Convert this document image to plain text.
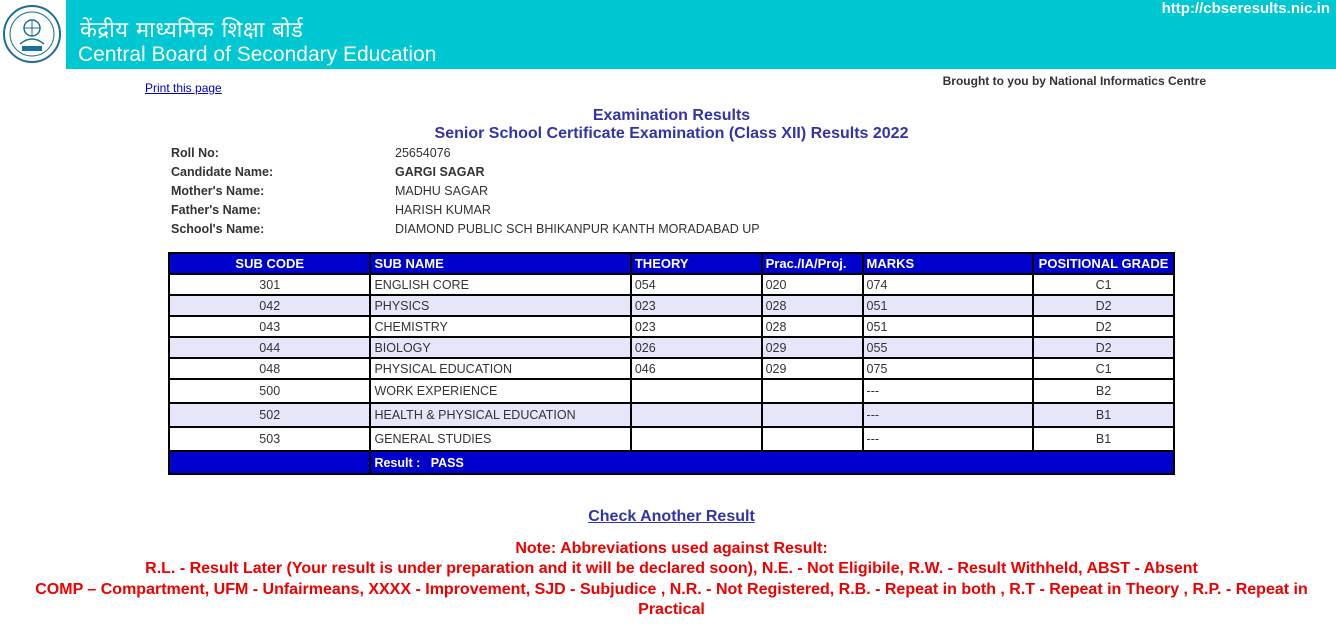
केंद्रीय माध्यमिक शिक्षा बोर्ड
Central Board of Secondary Education
http://cbseresults.nic.in
Print this page	Brought to you by National Informatics Centre
Examination Results
Senior School Certificate Examination (Class XII) Results 2022
Roll No:	25654076
Candidate Name:	GARGI SAGAR
Mother's Name:	MADHU SAGAR
Father's Name:	HARISH KUMAR
School's Name:	DIAMOND PUBLIC SCH BHIKANPUR KANTH MORADABAD UP
SUB CODE	SUB NAME	THEORY	Prac./IA/Proj.	MARKS	POSITIONAL GRADE
301	ENGLISH CORE	054	020	074	C1
042	PHYSICS	023	028	051	D2
043	CHEMISTRY	023	028	051	D2
044	BIOLOGY	026	029	055	D2
048	PHYSICAL EDUCATION	046	029	075	C1
500	WORK EXPERIENCE			---	B2
502	HEALTH & PHYSICAL EDUCATION			---	B1
503	GENERAL STUDIES			---	B1
	Result : PASS				
Check Another Result
Note: Abbreviations used against Result:
R.L. - Result Later (Your result is under preparation and it will be declared soon), N.E. - Not Eligibile, R.W. - Result Withheld, ABST - Absent
COMP – Compartment, UFM - Unfairmeans, XXXX - Improvement, SJD - Subjudice , N.R. - Not Registered, R.B. - Repeat in both , R.T - Repeat in Theory , R.P. - Repeat in Practical
